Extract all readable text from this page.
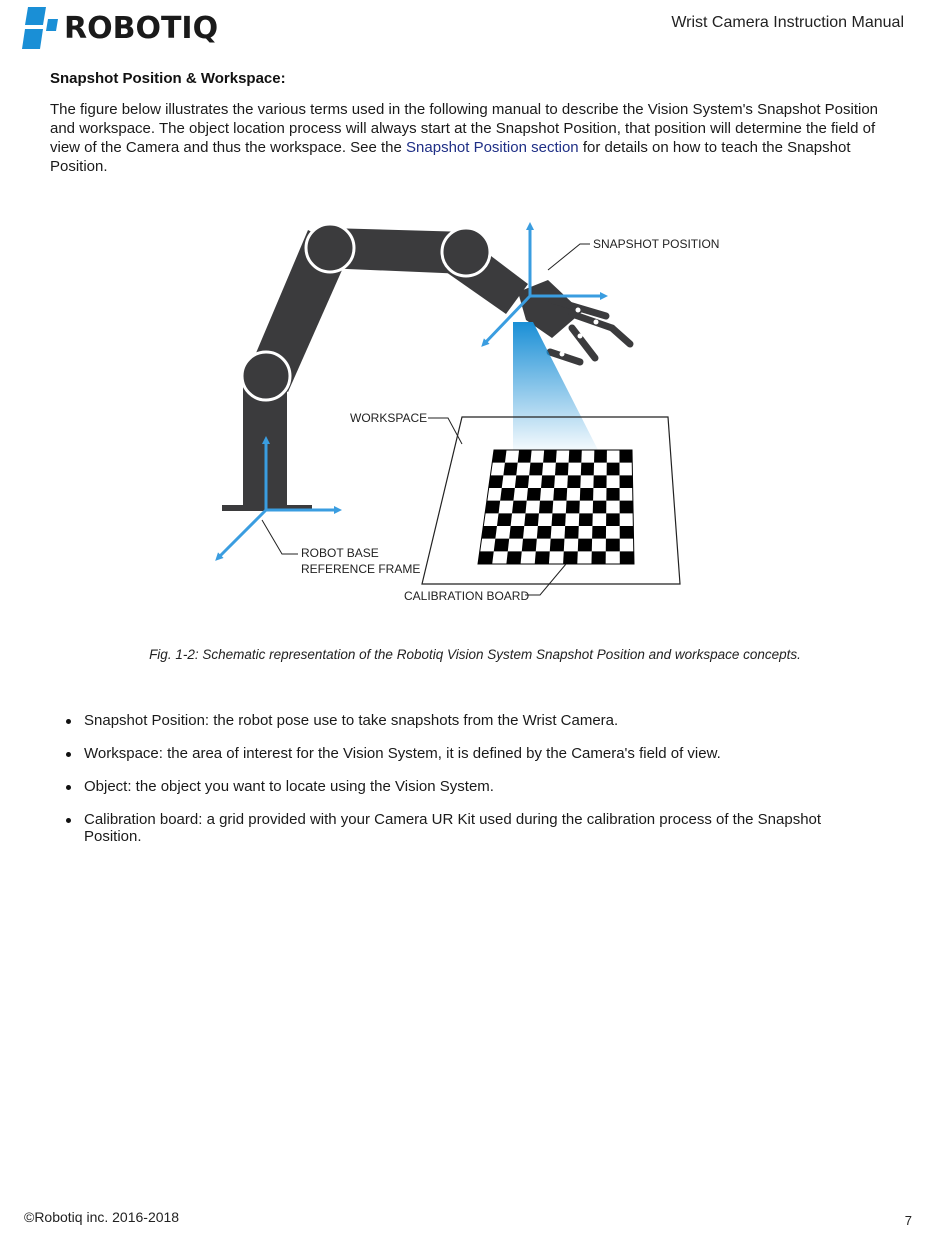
ROBOTIQ	Wrist Camera Instruction Manual
Snapshot Position & Workspace:
The figure below illustrates the various terms used in the following manual to describe the Vision System's Snapshot Position and workspace. The object location process will always start at the Snapshot Position, that position will determine the field of view of the Camera and thus the workspace. See the Snapshot Position section for details on how to teach the Snapshot Position.
SNAPSHOT POSITION
WORKSPACE
ROBOT BASE
REFERENCE FRAME
CALIBRATION BOARD
Fig. 1-2: Schematic representation of the Robotiq Vision System Snapshot Position and workspace concepts.
Snapshot Position: the robot pose use to take snapshots from the Wrist Camera.
Workspace: the area of interest for the Vision System, it is defined by the Camera's field of view.
Object: the object you want to locate using the Vision System.
Calibration board: a grid provided with your Camera UR Kit used during the calibration process of the Snapshot Position.
©Robotiq inc. 2016-2018	7
